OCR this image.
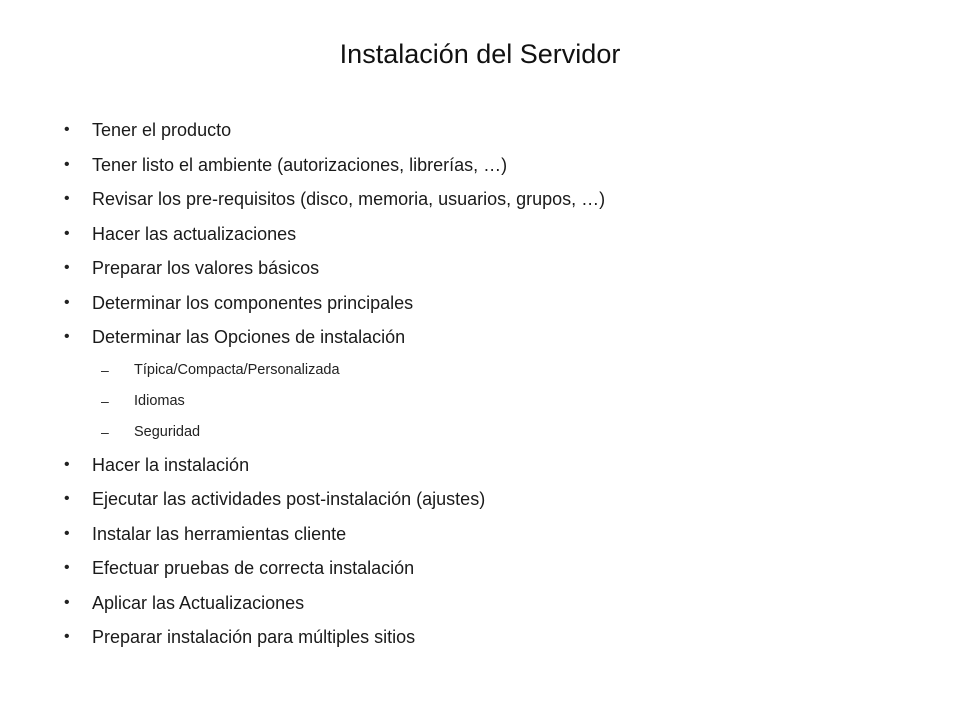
Instalación del Servidor
•	Tener el producto
•	Tener listo el ambiente (autorizaciones, librerías, …)
•	Revisar los pre-requisitos (disco, memoria, usuarios, grupos, …)
•	Hacer las actualizaciones
•	Preparar los valores básicos
•	Determinar los componentes principales
•	Determinar las Opciones de instalación
– Típica/Compacta/Personalizada
– Idiomas
– Seguridad
•	Hacer la instalación
•	Ejecutar las actividades post-instalación (ajustes)
•	Instalar las herramientas cliente
•	Efectuar pruebas de correcta instalación
•	Aplicar las Actualizaciones
•	Preparar instalación para múltiples sitios
